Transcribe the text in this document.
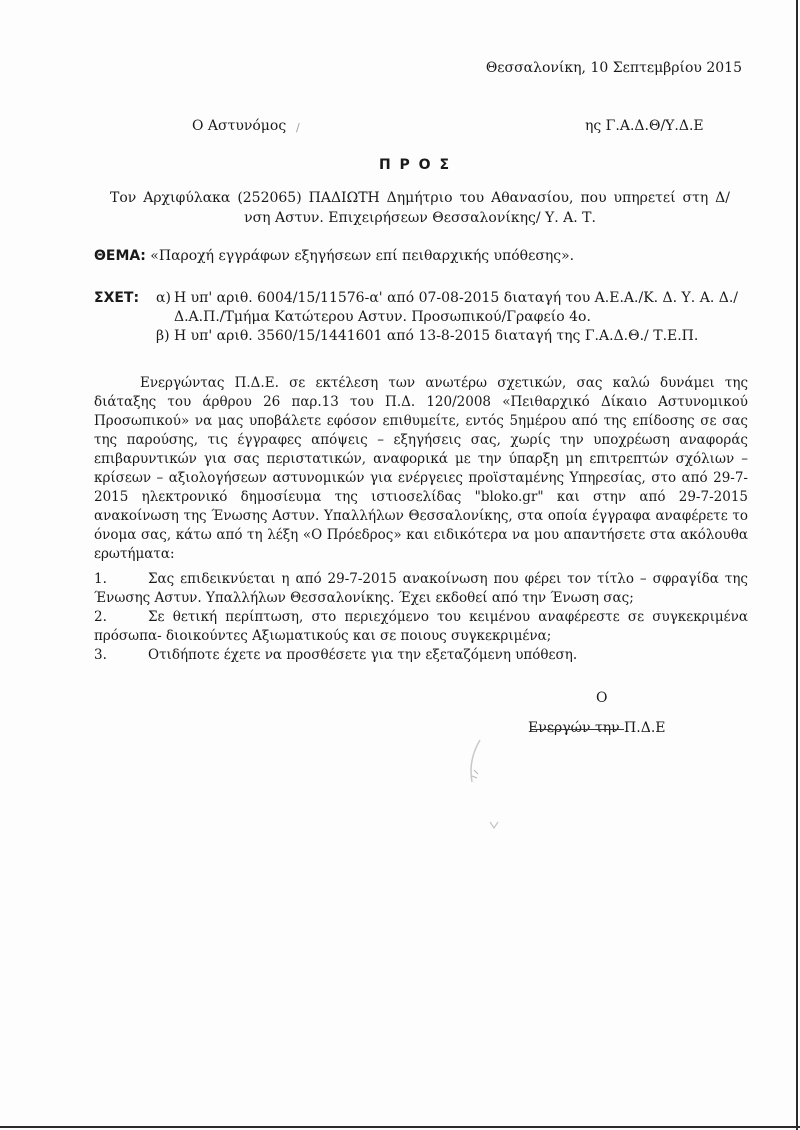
Θεσσαλονίκη, 10 Σεπτεμβρίου 2015
Ο Αστυνόμος /	ης Γ.Α.Δ.Θ/Υ.Δ.Ε
Π Ρ Ο Σ
Τον Αρχιφύλακα (252065) ΠΑΔΙΩΤΗ Δημήτριο του Αθανασίου, που υπηρετεί στη Δ/νση Αστυν. Επιχειρήσεων Θεσσαλονίκης/ Υ. Α. Τ.
ΘΕΜΑ: «Παροχή εγγράφων εξηγήσεων επί πειθαρχικής υπόθεσης».
ΣΧΕΤ: α) Η υπ' αριθ. 6004/15/11576-α' από 07-08-2015 διαταγή του Α.Ε.Α./Κ. Δ. Υ. Α. Δ./Δ.Α.Π./Τμήμα Κατώτερου Αστυν. Προσωπικού/Γραφείο 4ο.
β) Η υπ' αριθ. 3560/15/1441601 από 13-8-2015 διαταγή της Γ.Α.Δ.Θ./ Τ.Ε.Π.

Ενεργώντας Π.Δ.Ε. σε εκτέλεση των ανωτέρω σχετικών, σας καλώ δυνάμει της διάταξης του άρθρου 26 παρ.13 του Π.Δ. 120/2008 «Πειθαρχικό Δίκαιο Αστυνομικού Προσωπικού» να μας υποβάλετε εφόσον επιθυμείτε, εντός 5ημέρου από της επίδοσης σε σας της παρούσης, τις έγγραφες απόψεις – εξηγήσεις σας, χωρίς την υποχρέωση αναφοράς επιβαρυντικών για σας περιστατικών, αναφορικά με την ύπαρξη μη επιτρεπτών σχόλιων – κρίσεων – αξιολογήσεων αστυνομικών για ενέργειες προϊσταμένης Υπηρεσίας, στο από 29-7-2015 ηλεκτρονικό δημοσίευμα της ιστιοσελίδας "bloko.gr" και στην από 29-7-2015 ανακοίνωση της Ένωσης Αστυν. Υπαλλήλων Θεσσαλονίκης, στα οποία έγγραφα αναφέρετε το όνομα σας, κάτω από τη λέξη «Ο Πρόεδρος» και ειδικότερα να μου απαντήσετε στα ακόλουθα ερωτήματα:

1.	Σας επιδεικνύεται η από 29-7-2015 ανακοίνωση που φέρει τον τίτλο – σφραγίδα της Ένωσης Αστυν. Υπαλλήλων Θεσσαλονίκης. Έχει εκδοθεί από την Ένωση σας;
2.	Σε θετική περίπτωση, στο περιεχόμενο του κειμένου αναφέρεστε σε συγκεκριμένα πρόσωπα- διοικούντες Αξιωματικούς και σε ποιους συγκεκριμένα;
3.	Οτιδήποτε έχετε να προσθέσετε για την εξεταζόμενη υπόθεση.
Ο
Ενεργών την Π.Δ.Ε
